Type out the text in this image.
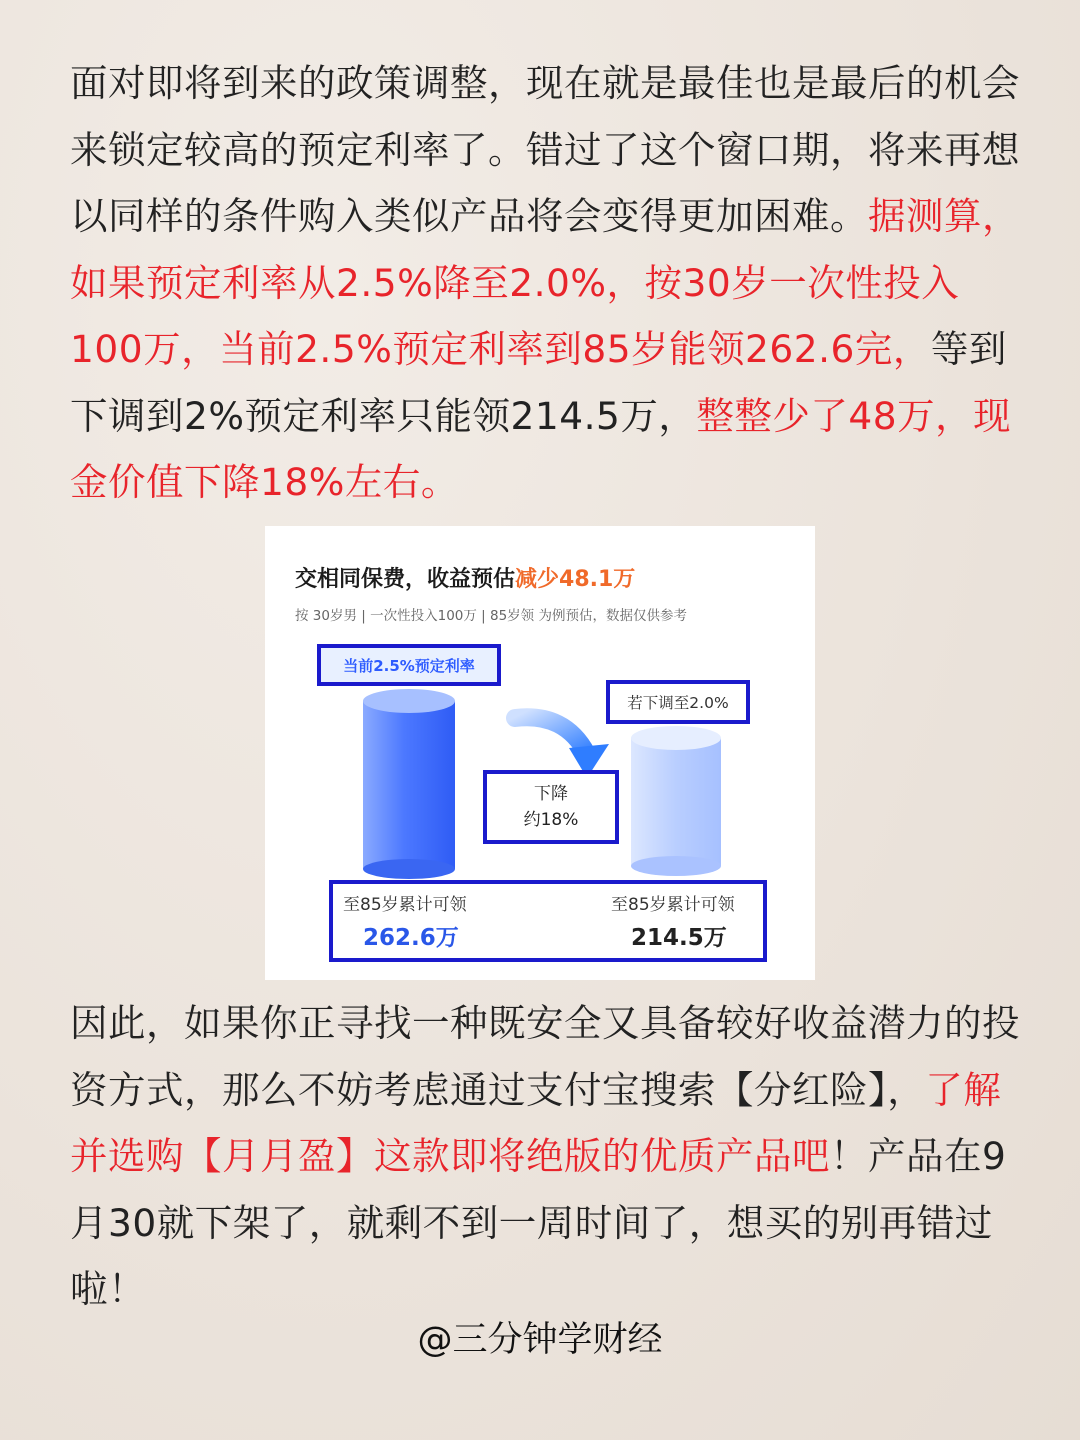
面对即将到来的政策调整，现在就是最佳也是最后的机会来锁定较高的预定利率了。错过了这个窗口期，将来再想以同样的条件购入类似产品将会变得更加困难。据测算，如果预定利率从2.5%降至2.0%，按30岁一次性投入100万，当前2.5%预定利率到85岁能领262.6完，等到下调到2%预定利率只能领214.5万，整整少了48万，现金价值下降18%左右。

交相同保费，收益预估减少48.1万
按 30岁男 | 一次性投入100万 | 85岁领 为例预估，数据仅供参考
当前2.5%预定利率
若下调至2.0%
下降
约18%
至85岁累计可领
262.6万
至85岁累计可领
214.5万

因此，如果你正寻找一种既安全又具备较好收益潜力的投资方式，那么不妨考虑通过支付宝搜索【分红险】，了解并选购【月月盈】这款即将绝版的优质产品吧！产品在9月30就下架了，就剩不到一周时间了，想买的别再错过啦！

@三分钟学财经
